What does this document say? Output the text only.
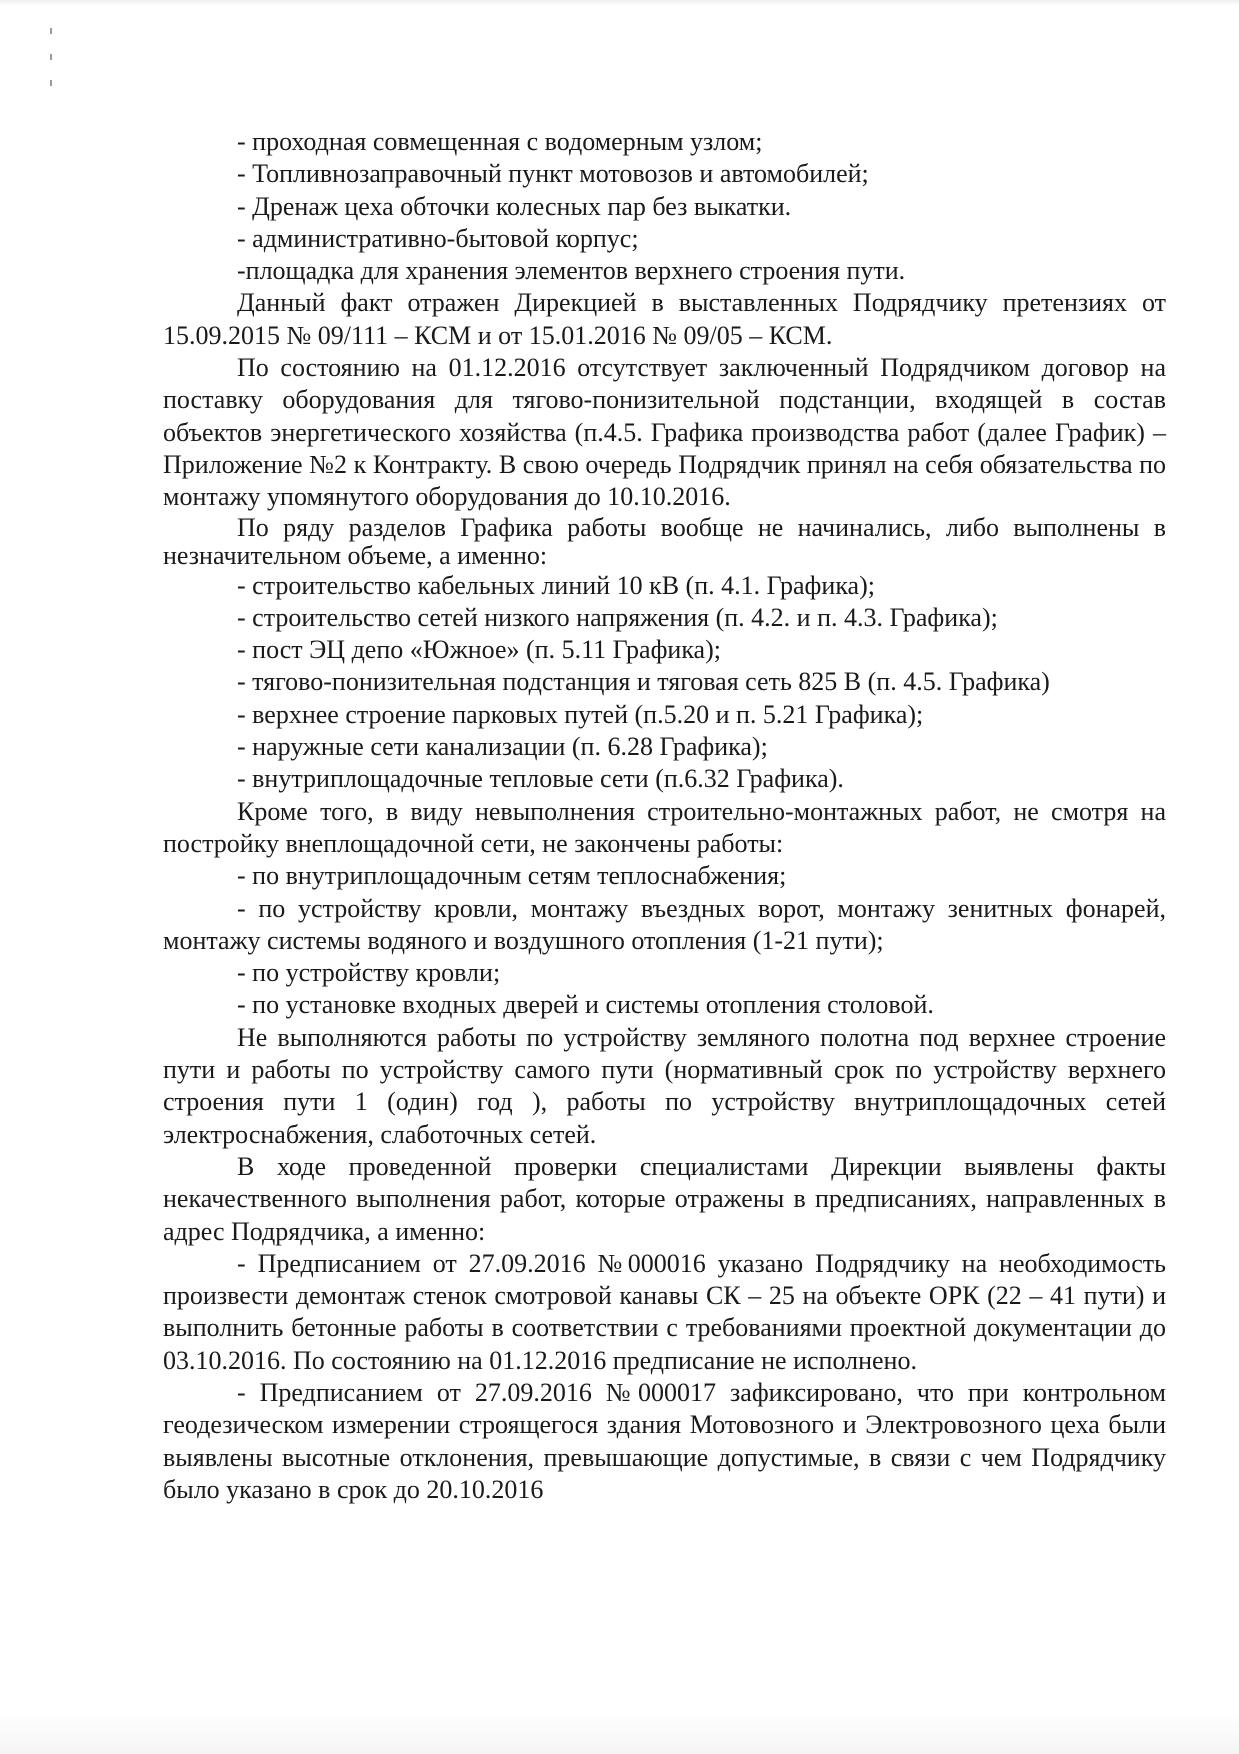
- проходная совмещенная с водомерным узлом;

- Топливнозаправочный пункт мотовозов и автомобилей;

- Дренаж цеха обточки колесных пар без выкатки.

- административно-бытовой корпус;

-площадка для хранения элементов верхнего строения пути.

Данный факт отражен Дирекцией в выставленных Подрядчику претензиях от 15.09.2015 № 09/111 – КСМ и от 15.01.2016 № 09/05 – КСМ.

По состоянию на 01.12.2016 отсутствует заключенный Подрядчиком договор на поставку оборудования для тягово-понизительной подстанции, входящей в состав объектов энергетического хозяйства (п.4.5. Графика производства работ (далее График) – Приложение №2 к Контракту. В свою очередь Подрядчик принял на себя обязательства по монтажу упомянутого оборудования до 10.10.2016.

По ряду разделов Графика работы вообще не начинались, либо выполнены в незначительном объеме, а именно:

- строительство кабельных линий 10 кВ (п. 4.1. Графика);

- строительство сетей низкого напряжения (п. 4.2. и п. 4.3. Графика);

- пост ЭЦ депо «Южное» (п. 5.11 Графика);

- тягово-понизительная подстанция и тяговая сеть 825 В (п. 4.5. Графика)

- верхнее строение парковых путей (п.5.20 и п. 5.21 Графика);

- наружные сети канализации (п. 6.28 Графика);

- внутриплощадочные тепловые сети (п.6.32 Графика).

Кроме того, в виду невыполнения строительно-монтажных работ, не смотря на постройку внеплощадочной сети, не закончены работы:

- по внутриплощадочным сетям теплоснабжения;

- по устройству кровли, монтажу въездных ворот, монтажу зенитных фонарей, монтажу системы водяного и воздушного отопления (1-21 пути);

- по устройству кровли;

- по установке входных дверей и системы отопления столовой.

Не выполняются работы по устройству земляного полотна под верхнее строение пути и работы по устройству самого пути (нормативный срок по устройству верхнего строения пути 1 (один) год ), работы по устройству внутриплощадочных сетей электроснабжения, слаботочных сетей.

В ходе проведенной проверки специалистами Дирекции выявлены факты некачественного выполнения работ, которые отражены в предписаниях, направленных в адрес Подрядчика, а именно:

- Предписанием от 27.09.2016 №000016 указано Подрядчику на необходимость произвести демонтаж стенок смотровой канавы СК – 25 на объекте ОРК (22 – 41 пути) и выполнить бетонные работы в соответствии с требованиями проектной документации до 03.10.2016. По состоянию на 01.12.2016 предписание не исполнено.

- Предписанием от 27.09.2016 №000017 зафиксировано, что при контрольном геодезическом измерении строящегося здания Мотовозного и Электровозного цеха были выявлены высотные отклонения, превышающие допустимые, в связи с чем Подрядчику было указано в срок до 20.10.2016
